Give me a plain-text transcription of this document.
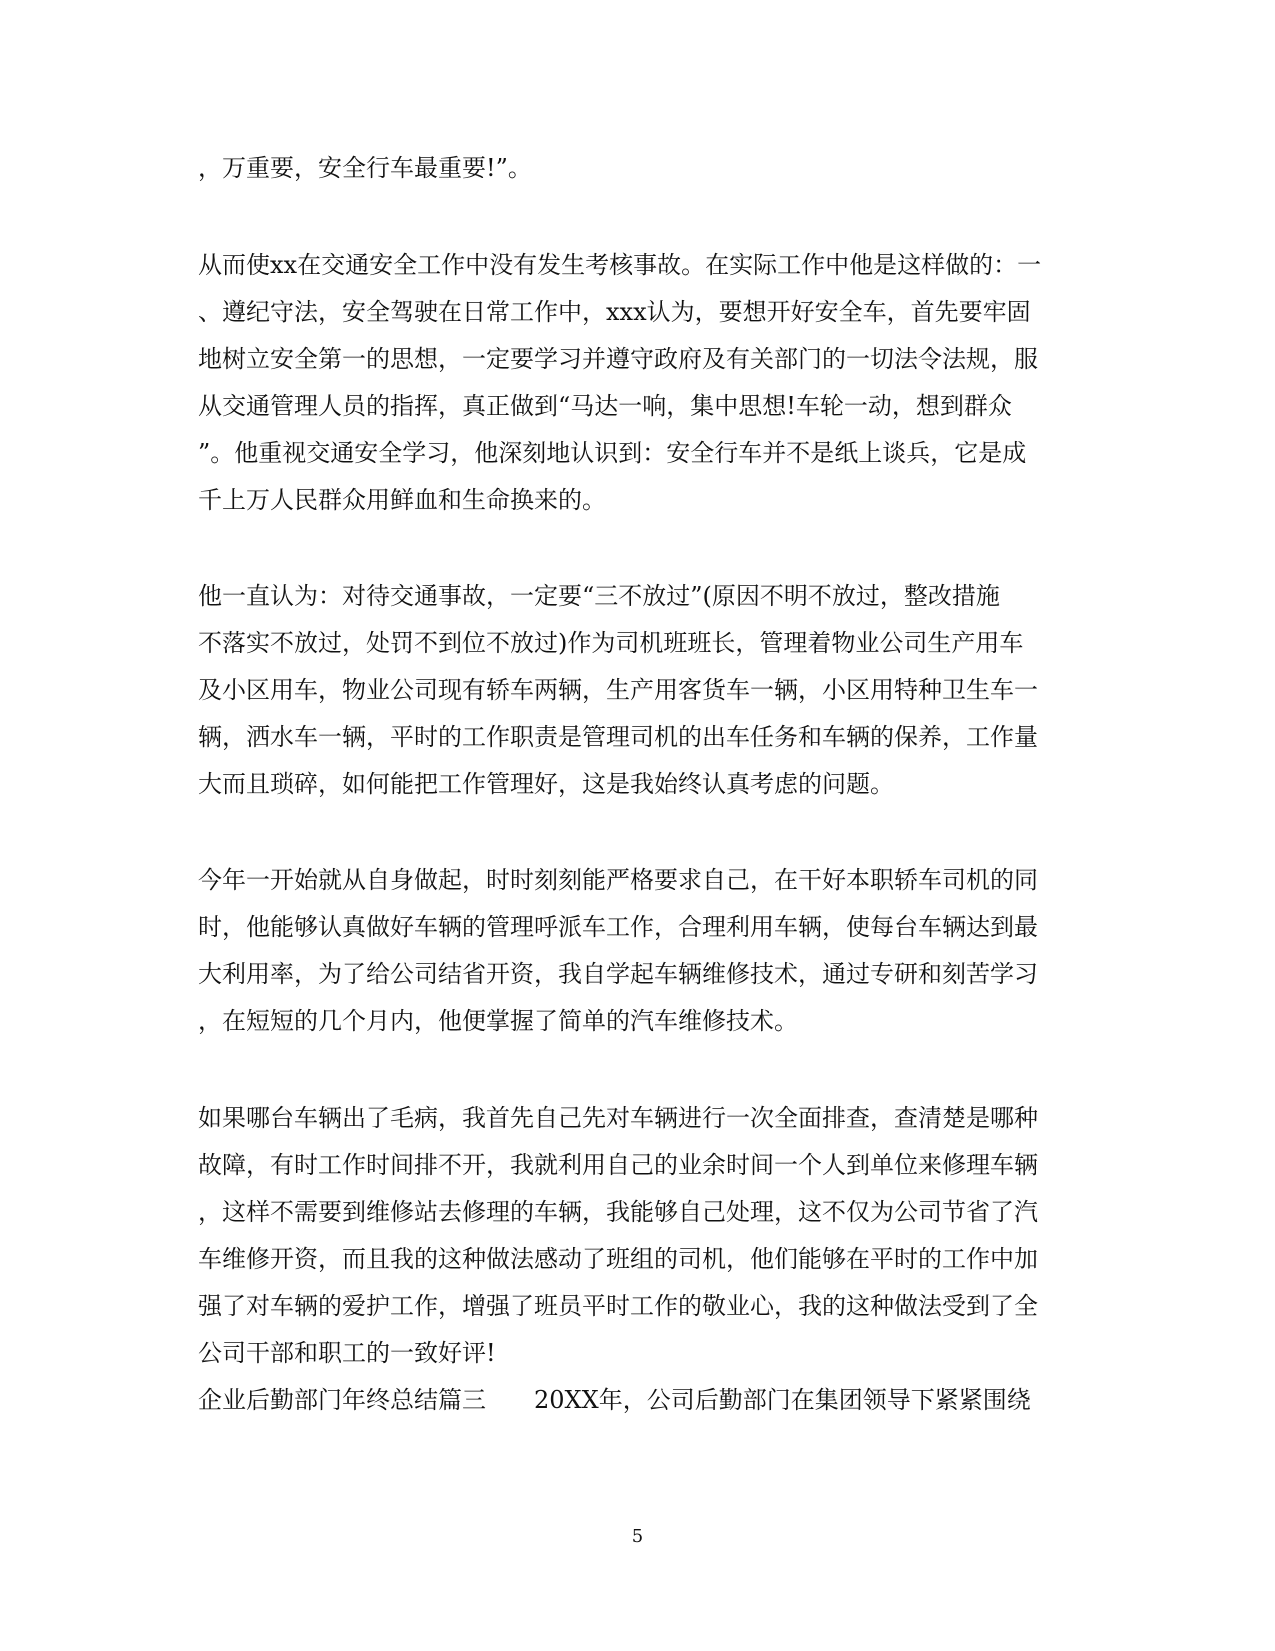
，万重要，安全行车最重要!”。
从而使xx在交通安全工作中没有发生考核事故。在实际工作中他是这样做的：一
、遵纪守法，安全驾驶在日常工作中，xxx认为，要想开好安全车，首先要牢固
地树立安全第一的思想，一定要学习并遵守政府及有关部门的一切法令法规，服
从交通管理人员的指挥，真正做到“马达一响，集中思想!车轮一动，想到群众
”。他重视交通安全学习，他深刻地认识到：安全行车并不是纸上谈兵，它是成
千上万人民群众用鲜血和生命换来的。
他一直认为：对待交通事故，一定要“三不放过”(原因不明不放过，整改措施
不落实不放过，处罚不到位不放过)作为司机班班长，管理着物业公司生产用车
及小区用车，物业公司现有轿车两辆，生产用客货车一辆，小区用特种卫生车一
辆，洒水车一辆，平时的工作职责是管理司机的出车任务和车辆的保养，工作量
大而且琐碎，如何能把工作管理好，这是我始终认真考虑的问题。
今年一开始就从自身做起，时时刻刻能严格要求自己，在干好本职轿车司机的同
时，他能够认真做好车辆的管理呼派车工作，合理利用车辆，使每台车辆达到最
大利用率，为了给公司结省开资，我自学起车辆维修技术，通过专研和刻苦学习
，在短短的几个月内，他便掌握了简单的汽车维修技术。
如果哪台车辆出了毛病，我首先自己先对车辆进行一次全面排查，查清楚是哪种
故障，有时工作时间排不开，我就利用自己的业余时间一个人到单位来修理车辆
，这样不需要到维修站去修理的车辆，我能够自己处理，这不仅为公司节省了汽
车维修开资，而且我的这种做法感动了班组的司机，他们能够在平时的工作中加
强了对车辆的爱护工作，增强了班员平时工作的敬业心，我的这种做法受到了全
公司干部和职工的一致好评!
企业后勤部门年终总结篇三　　20XX年，公司后勤部门在集团领导下紧紧围绕
5
